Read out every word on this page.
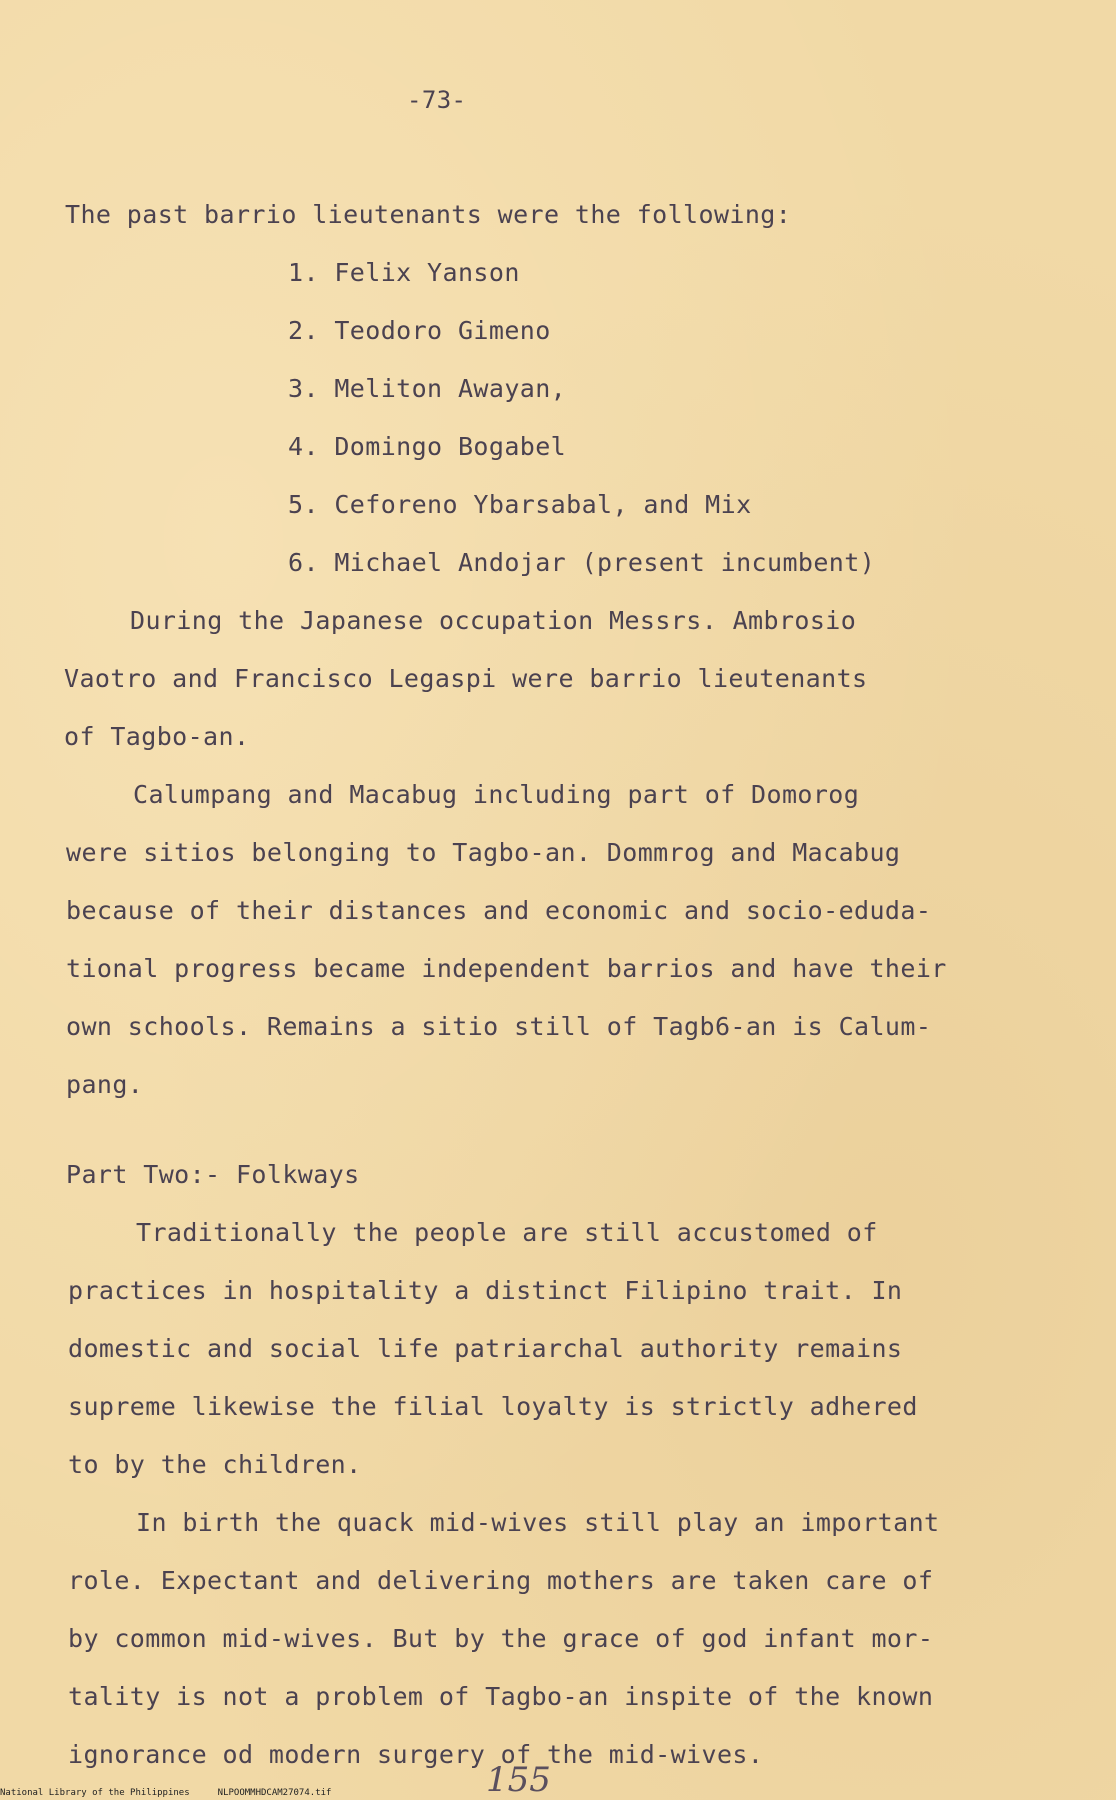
-73-
The past barrio lieutenants were the following:
1. Felix Yanson
2. Teodoro Gimeno
3. Meliton Awayan,
4. Domingo Bogabel
5. Ceforeno Ybarsabal, and Mix
6. Michael Andojar (present incumbent)
During the Japanese occupation Messrs. Ambrosio
Vaotro and Francisco Legaspi were barrio lieutenants
of Tagbo-an.
Calumpang and Macabug including part of Domorog
were sitios belonging to Tagbo-an. Dommrog and Macabug
because of their distances and economic and socio-eduda-
tional progress became independent barrios and have their
own schools. Remains a sitio still of Tagb6-an is Calum-
pang.
Part Two:- Folkways
Traditionally the people are still accustomed of
practices in hospitality a distinct Filipino trait. In
domestic and social life patriarchal authority remains
supreme likewise the filial loyalty is strictly adhered
to by the children.
In birth the quack mid-wives still play an important
role. Expectant and delivering mothers are taken care of
by common mid-wives. But by the grace of god infant mor-
tality is not a problem of Tagbo-an inspite of the known
ignorance od modern surgery of the mid-wives.
155
National Library of the Philippines	NLPOOMMHDCAM27074.tif
